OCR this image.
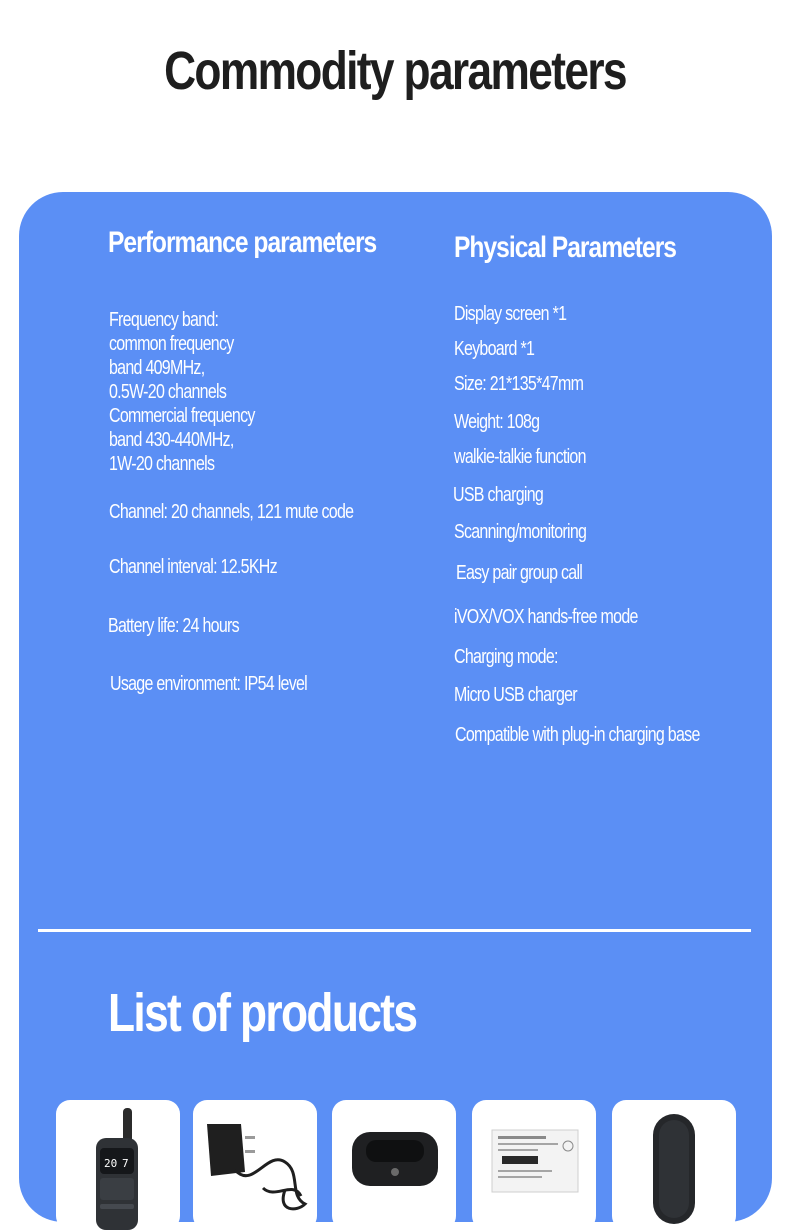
Commodity parameters
Performance parameters
Frequency band:
common frequency
band 409MHz,
0.5W-20 channels
Commercial frequency
band 430-440MHz,
1W-20 channels
Channel: 20 channels, 121 mute code
Channel interval: 12.5KHz
Battery life: 24 hours
Usage environment: IP54 level
Physical Parameters
Display screen *1
Keyboard *1
Size: 21*135*47mm
Weight: 108g
walkie-talkie function
USB charging
Scanning/monitoring
Easy pair group call
iVOX/VOX hands-free mode
Charging mode:
Micro USB charger
Compatible with plug-in charging base
List of products
20 7
